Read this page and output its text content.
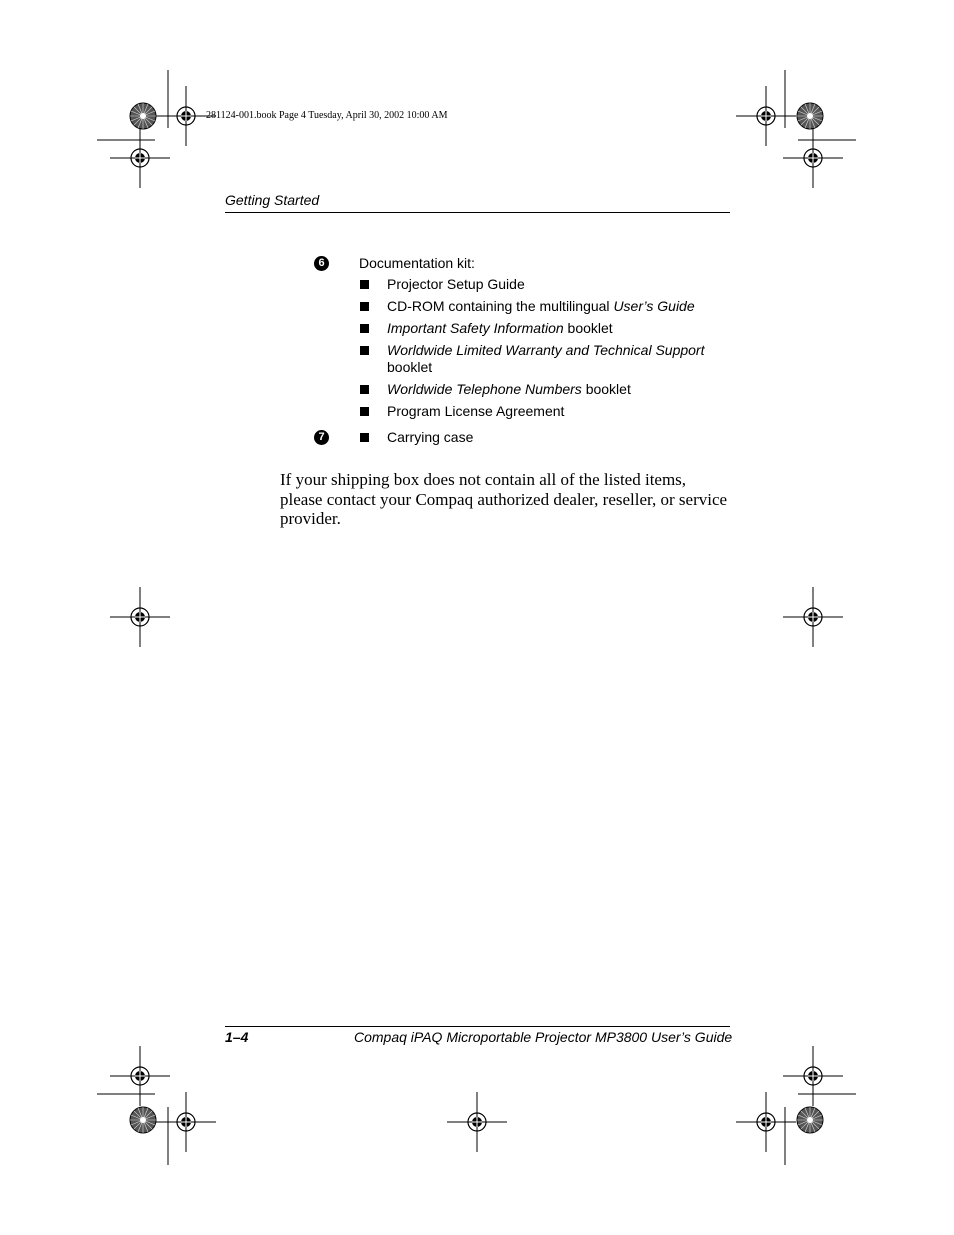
281124-001.book Page 4 Tuesday, April 30, 2002 10:00 AM
Getting Started
6	Documentation kit:
Projector Setup Guide
CD-ROM containing the multilingual User’s Guide
Important Safety Information booklet
Worldwide Limited Warranty and Technical Support
booklet
Worldwide Telephone Numbers booklet
Program License Agreement
7	Carrying case
If your shipping box does not contain all of the listed items, please contact your Compaq authorized dealer, reseller, or service provider.
1–4	Compaq iPAQ Microportable Projector MP3800 User’s Guide
